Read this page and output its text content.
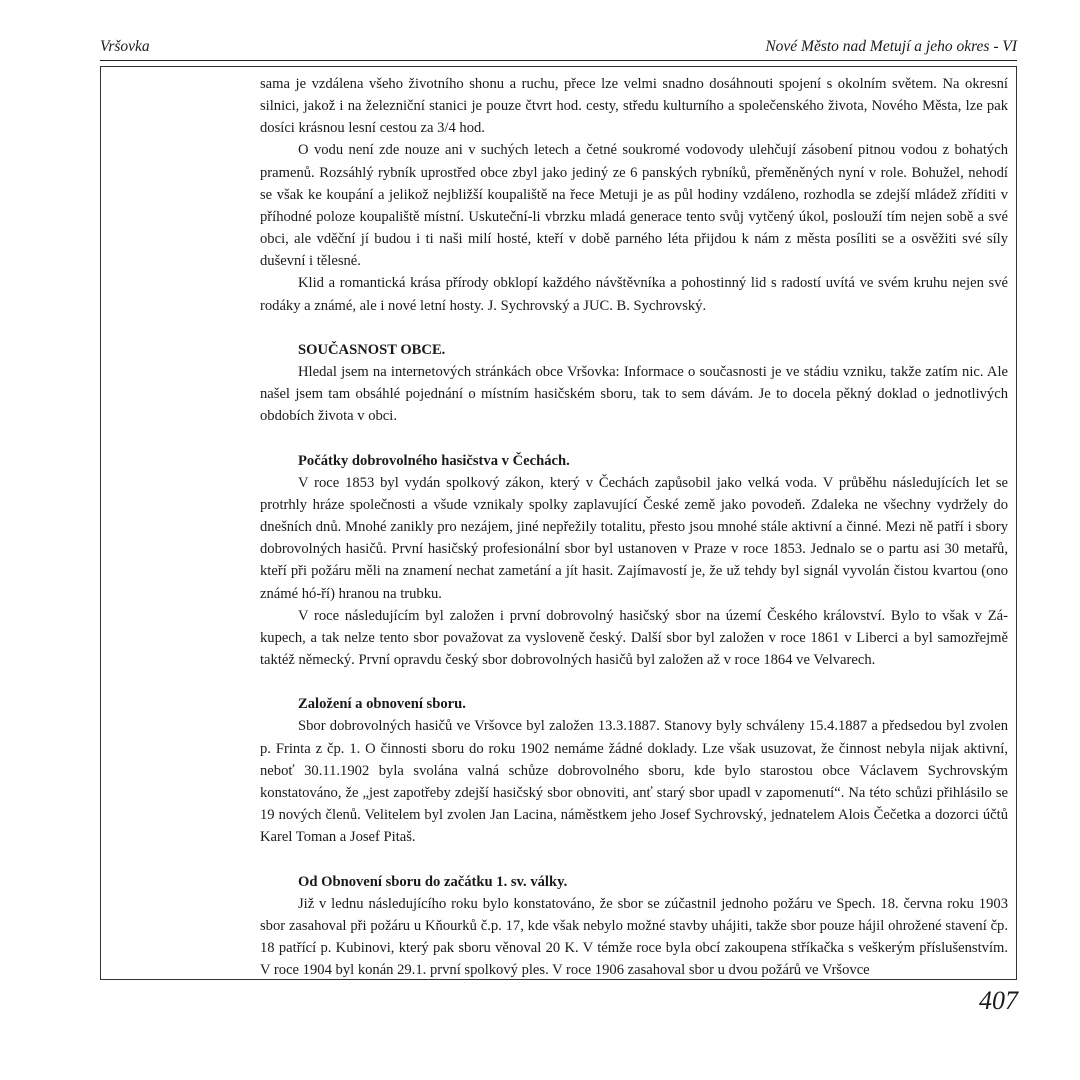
Vršovka	Nové Město nad Metují a jeho okres - VI

sama je vzdálena všeho životního shonu a ruchu, přece lze velmi snadno dosáhnouti spojení s okolním světem. Na okresní silnici, jakož i na železniční stanici je pouze čtvrt hod. cesty, středu kulturního a společenského života, Nového Města, lze pak dosíci krásnou lesní cestou za 3/4 hod.

O vodu není zde nouze ani v suchých letech a četné soukromé vodovody ulehčují zásobení pitnou vodou z bohatých pramenů. Rozsáhlý rybník uprostřed obce zbyl jako jediný ze 6 panských rybníků, přeměněných nyní v role. Bohužel, nehodí se však ke koupání a jelikož nejbližší koupaliště na řece Metuji je as půl hodiny vzdáleno, rozhodla se zdejší mládež zříditi v příhodné poloze koupaliště místní. Uskuteční-li vbrzku mladá generace tento svůj vytčený úkol, poslouží tím nejen sobě a své obci, ale vděční jí budou i ti naši milí hosté, kteří v době parného léta přijdou k nám z města posíliti se a osvěžiti své síly duševní i tělesné.

Klid a romantická krása přírody obklopí každého návštěvníka a pohostinný lid s radostí uvítá ve svém kruhu nejen své rodáky a známé, ale i nové letní hosty. J. Sychrovský a JUC. B. Sychrovský.

SOUČASNOST OBCE.

Hledal jsem na internetových stránkách obce Vršovka: Informace o současnosti je ve stádiu vzniku, takže zatím nic. Ale našel jsem tam obsáhlé pojednání o místním hasičském sboru, tak to sem dávám. Je to docela pěkný doklad o jednotlivých obdobích života v obci.

Počátky dobrovolného hasičstva v Čechách.

V roce 1853 byl vydán spolkový zákon, který v Čechách zapůsobil jako velká voda. V průběhu následujících let se protrhly hráze společnosti a všude vznikaly spolky zaplavující České země jako povodeň. Zdaleka ne všechny vydržely do dnešních dnů. Mnohé zanikly pro nezájem, jiné nepřežily totalitu, přesto jsou mnohé stále aktivní a činné. Mezi ně patří i sbory dobrovolných hasičů. První hasičský profesionální sbor byl ustanoven v Praze v roce 1853. Jednalo se o partu asi 30 metařů, kteří při požáru měli na znamení nechat zametání a jít hasit. Zajímavostí je, že už tehdy byl signál vyvolán čistou kvartou (ono známé hó-ří) hranou na trubku.

V roce následujícím byl založen i první dobrovolný hasičský sbor na území Českého království. Bylo to však v Zákupech, a tak nelze tento sbor považovat za vysloveně český. Další sbor byl založen v roce 1861 v Liberci a byl samozřejmě taktéž německý. První opravdu český sbor dobrovolných hasičů byl založen až v roce 1864 ve Velvarech.

Založení a obnovení sboru.

Sbor dobrovolných hasičů ve Vršovce byl založen 13.3.1887. Stanovy byly schváleny 15.4.1887 a předsedou byl zvolen p. Frinta z čp. 1. O činnosti sboru do roku 1902 nemáme žádné doklady. Lze však usuzovat, že činnost nebyla nijak aktivní, neboť 30.11.1902 byla svolána valná schůze dobrovolného sboru, kde bylo starostou obce Václavem Sychrovským konstatováno, že „jest zapotřeby zdejší hasičský sbor obnoviti, anť starý sbor upadl v zapomenutí“. Na této schůzi přihlásilo se 19 nových členů. Velitelem byl zvolen Jan Lacina, náměstkem jeho Josef Sychrovský, jednatelem Alois Čečetka a dozorci účtů Karel Toman a Josef Pitaš.

Od Obnovení sboru do začátku 1. sv. války.

Již v lednu následujícího roku bylo konstatováno, že sbor se zúčastnil jednoho požáru ve Spech. 18. června roku 1903 sbor zasahoval při požáru u Kňourků č.p. 17, kde však nebylo možné stavby uhájiti, takže sbor pouze hájil ohrožené stavení čp. 18 patřící p. Kubinovi, který pak sboru věnoval 20 K. V témže roce byla obcí zakoupena stříkačka s veškerým příslušenstvím. V roce 1904 byl konán 29.1. první spolkový ples. V roce 1906 zasahoval sbor u dvou požárů ve Vršovce

407
